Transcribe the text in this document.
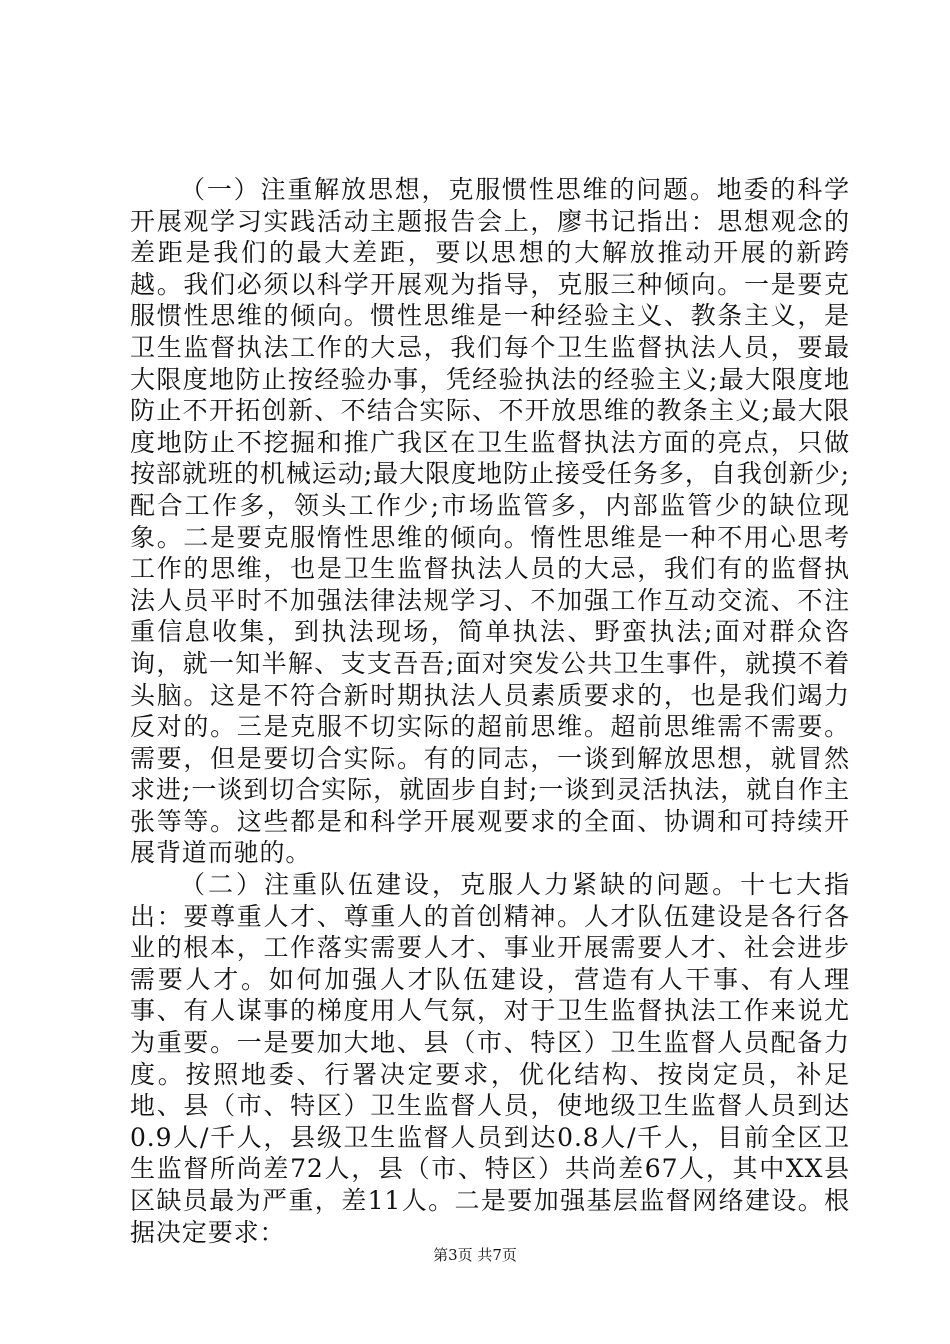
（一）注重解放思想，克服惯性思维的问题。地委的科学开展观学习实践活动主题报告会上，廖书记指出：思想观念的差距是我们的最大差距，要以思想的大解放推动开展的新跨越。我们必须以科学开展观为指导，克服三种倾向。一是要克服惯性思维的倾向。惯性思维是一种经验主义、教条主义，是卫生监督执法工作的大忌，我们每个卫生监督执法人员，要最大限度地防止按经验办事，凭经验执法的经验主义;最大限度地防止不开拓创新、不结合实际、不开放思维的教条主义;最大限度地防止不挖掘和推广我区在卫生监督执法方面的亮点，只做按部就班的机械运动;最大限度地防止接受任务多，自我创新少;配合工作多，领头工作少;市场监管多，内部监管少的缺位现象。二是要克服惰性思维的倾向。惰性思维是一种不用心思考工作的思维，也是卫生监督执法人员的大忌，我们有的监督执法人员平时不加强法律法规学习、不加强工作互动交流、不注重信息收集，到执法现场，简单执法、野蛮执法;面对群众咨询，就一知半解、支支吾吾;面对突发公共卫生事件，就摸不着头脑。这是不符合新时期执法人员素质要求的，也是我们竭力反对的。三是克服不切实际的超前思维。超前思维需不需要。需要，但是要切合实际。有的同志，一谈到解放思想，就冒然求进;一谈到切合实际，就固步自封;一谈到灵活执法，就自作主张等等。这些都是和科学开展观要求的全面、协调和可持续开展背道而驰的。

（二）注重队伍建设，克服人力紧缺的问题。十七大指出：要尊重人才、尊重人的首创精神。人才队伍建设是各行各业的根本，工作落实需要人才、事业开展需要人才、社会进步需要人才。如何加强人才队伍建设，营造有人干事、有人理事、有人谋事的梯度用人气氛，对于卫生监督执法工作来说尤为重要。一是要加大地、县（市、特区）卫生监督人员配备力度。按照地委、行署决定要求，优化结构、按岗定员，补足地、县（市、特区）卫生监督人员，使地级卫生监督人员到达0.9人/千人，县级卫生监督人员到达0.8人/千人，目前全区卫生监督所尚差72人，县（市、特区）共尚差67人，其中XX县区缺员最为严重，差11人。二是要加强基层监督网络建设。根据决定要求：

第3页 共7页
